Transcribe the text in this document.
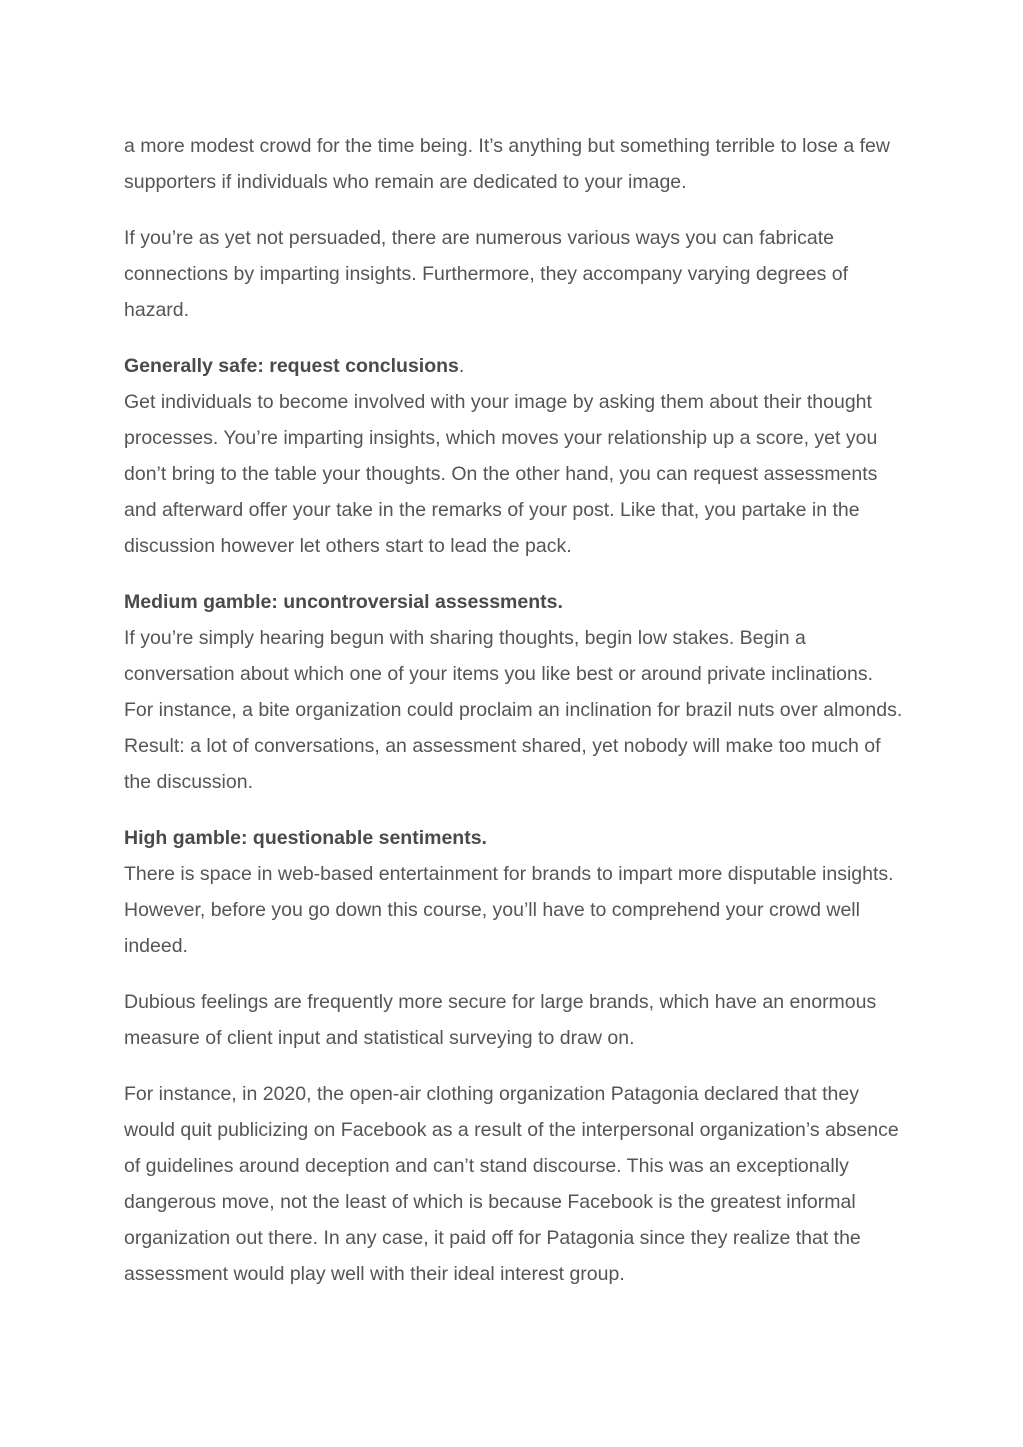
a more modest crowd for the time being. It’s anything but something terrible to lose a few supporters if individuals who remain are dedicated to your image.

If you’re as yet not persuaded, there are numerous various ways you can fabricate connections by imparting insights. Furthermore, they accompany varying degrees of hazard.

Generally safe: request conclusions.
Get individuals to become involved with your image by asking them about their thought processes. You’re imparting insights, which moves your relationship up a score, yet you don’t bring to the table your thoughts. On the other hand, you can request assessments and afterward offer your take in the remarks of your post. Like that, you partake in the discussion however let others start to lead the pack.

Medium gamble: uncontroversial assessments.
If you’re simply hearing begun with sharing thoughts, begin low stakes. Begin a conversation about which one of your items you like best or around private inclinations. For instance, a bite organization could proclaim an inclination for brazil nuts over almonds. Result: a lot of conversations, an assessment shared, yet nobody will make too much of the discussion.

High gamble: questionable sentiments.
There is space in web-based entertainment for brands to impart more disputable insights. However, before you go down this course, you’ll have to comprehend your crowd well indeed.

Dubious feelings are frequently more secure for large brands, which have an enormous measure of client input and statistical surveying to draw on.

For instance, in 2020, the open-air clothing organization Patagonia declared that they would quit publicizing on Facebook as a result of the interpersonal organization’s absence of guidelines around deception and can’t stand discourse. This was an exceptionally dangerous move, not the least of which is because Facebook is the greatest informal organization out there. In any case, it paid off for Patagonia since they realize that the assessment would play well with their ideal interest group.
